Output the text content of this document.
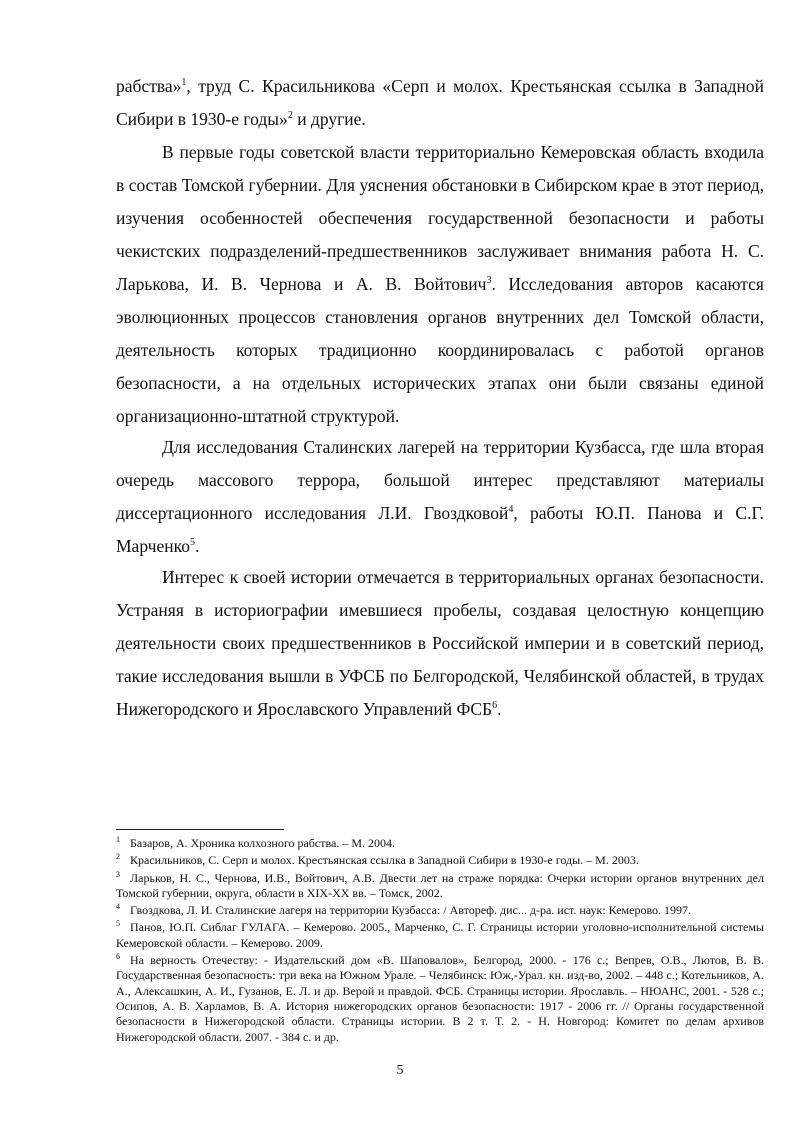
рабства»$^1$, труд С. Красильникова «Серп и молох. Крестьянская ссылка в Западной Сибири в 1930-е годы»$^2$ и другие.

В первые годы советской власти территориально Кемеровская область входила в состав Томской губернии. Для уяснения обстановки в Сибирском крае в этот период, изучения особенностей обеспечения государственной безопасности и работы чекистских подразделений-предшественников заслуживает внимания работа Н. С. Ларькова, И. В. Чернова и А. В. Войтович$^3$. Исследования авторов касаются эволюционных процессов становления органов внутренних дел Томской области, деятельность которых традиционно координировалась с работой органов безопасности, а на отдельных исторических этапах они были связаны единой организационно-штатной структурой.

Для исследования Сталинских лагерей на территории Кузбасса, где шла вторая очередь массового террора, большой интерес представляют материалы диссертационного исследования Л.И. Гвоздковой$^4$, работы Ю.П. Панова и С.Г. Марченко$^5$.

Интерес к своей истории отмечается в территориальных органах безопасности. Устраняя в историографии имевшиеся пробелы, создавая целостную концепцию деятельности своих предшественников в Российской империи и в советский период, такие исследования вышли в УФСБ по Белгородской, Челябинской областей, в трудах Нижегородского и Ярославского Управлений ФСБ$^6$.

1 Базаров, А. Хроника колхозного рабства. – М. 2004.

2 Красильников, С. Серп и молох. Крестьянская ссылка в Западной Сибири в 1930-е годы. – М. 2003.

3 Ларьков, Н. С., Чернова, И.В., Войтович, А.В. Двести лет на страже порядка: Очерки истории органов внутренних дел Томской губернии, округа, области в XIX-XX вв. – Томск, 2002.

4 Гвоздкова, Л. И. Сталинские лагеря на территории Кузбасса: / Автореф. дис... д-ра. ист. наук: Кемерово. 1997.

5 Панов, Ю.П. Сиблаг ГУЛАГА. – Кемерово. 2005., Марченко, С. Г. Страницы истории уголовно-исполнительной системы Кемеровской области. – Кемерово. 2009.

6 На верность Отечеству: - Издательский дом «В. Шаповалов», Белгород, 2000. - 176 с.; Вепрев, О.В., Лютов, В. В. Государственная безопасность: три века на Южном Урале. – Челябинск: Юж,-Урал. кн. изд-во, 2002. – 448 с.; Котельников, А. А., Алексашкин, А. И., Гузанов, Е. Л. и др. Верой и правдой. ФСБ. Страницы истории. Ярославль. – НЮАНС, 2001. - 528 с.; Осипов, А. В. Харламов, В. А. История нижегородских органов безопасности: 1917 - 2006 гг. // Органы государственной безопасности в Нижегородской области. Страницы истории. В 2 т. Т. 2. - Н. Новгород: Комитет по делам архивов Нижегородской области. 2007. - 384 с. и др.

5
